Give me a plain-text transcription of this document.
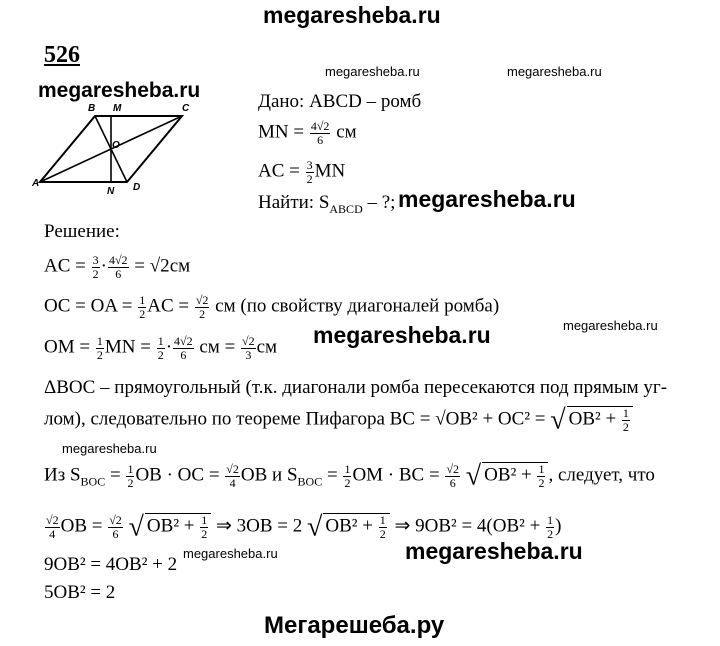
megaresheba.ru
megaresheba.ru
megaresheba.ru	megaresheba.ru
megaresheba.ru
megaresheba.ru	megaresheba.ru
megaresheba.ru
megaresheba.ru	megaresheba.ru
Мегарешеба.ру
526
A
B M	C
O
N D
Дано: ABCD – ромб
MN = $\frac{4√2}{6}$ см
AC = $\frac{3}{2}$ MN
Найти: $S_{ABCD}$ – ?;
Решение:
AC = $\frac{3}{2} \cdot \frac{4√2}{6} = √2см$
OC = OA = $\frac{1}{2}$ AC = $\frac{√2}{2}$ см (по свойству диагоналей ромба)
OM = $\frac{1}{2}$ MN = $\frac{1}{2} \cdot \frac{4√2}{6}$ см = $\frac{√2}{3}$ см
ΔBOC – прямоугольный (т.к. диагонали ромба пересекаются под прямым уг-
лом), следовательно по теореме Пифагора BC = √OB² + OC² = √ $OB^2 + \frac{1}{2}$
Из $S_{BOC} = \frac{1}{2}$ OB · OC = $\frac{√2}{4}$ OB и $S_{BOC} = \frac{1}{2}$ OM · BC = $\frac{√2}{6}$ √ $OB^2 + \frac{1}{2}$ , следует, что
$\frac{√2}{4}$ OB = $\frac{√2}{6}$ √ $OB^2 + \frac{1}{2}$ ⇒ 3OB = 2 √ $OB^2 + \frac{1}{2}$ ⇒ $9OB^2 = 4(OB^2 + \frac{1}{2}$ )
9OB² = 4OB² + 2
5OB² = 2
